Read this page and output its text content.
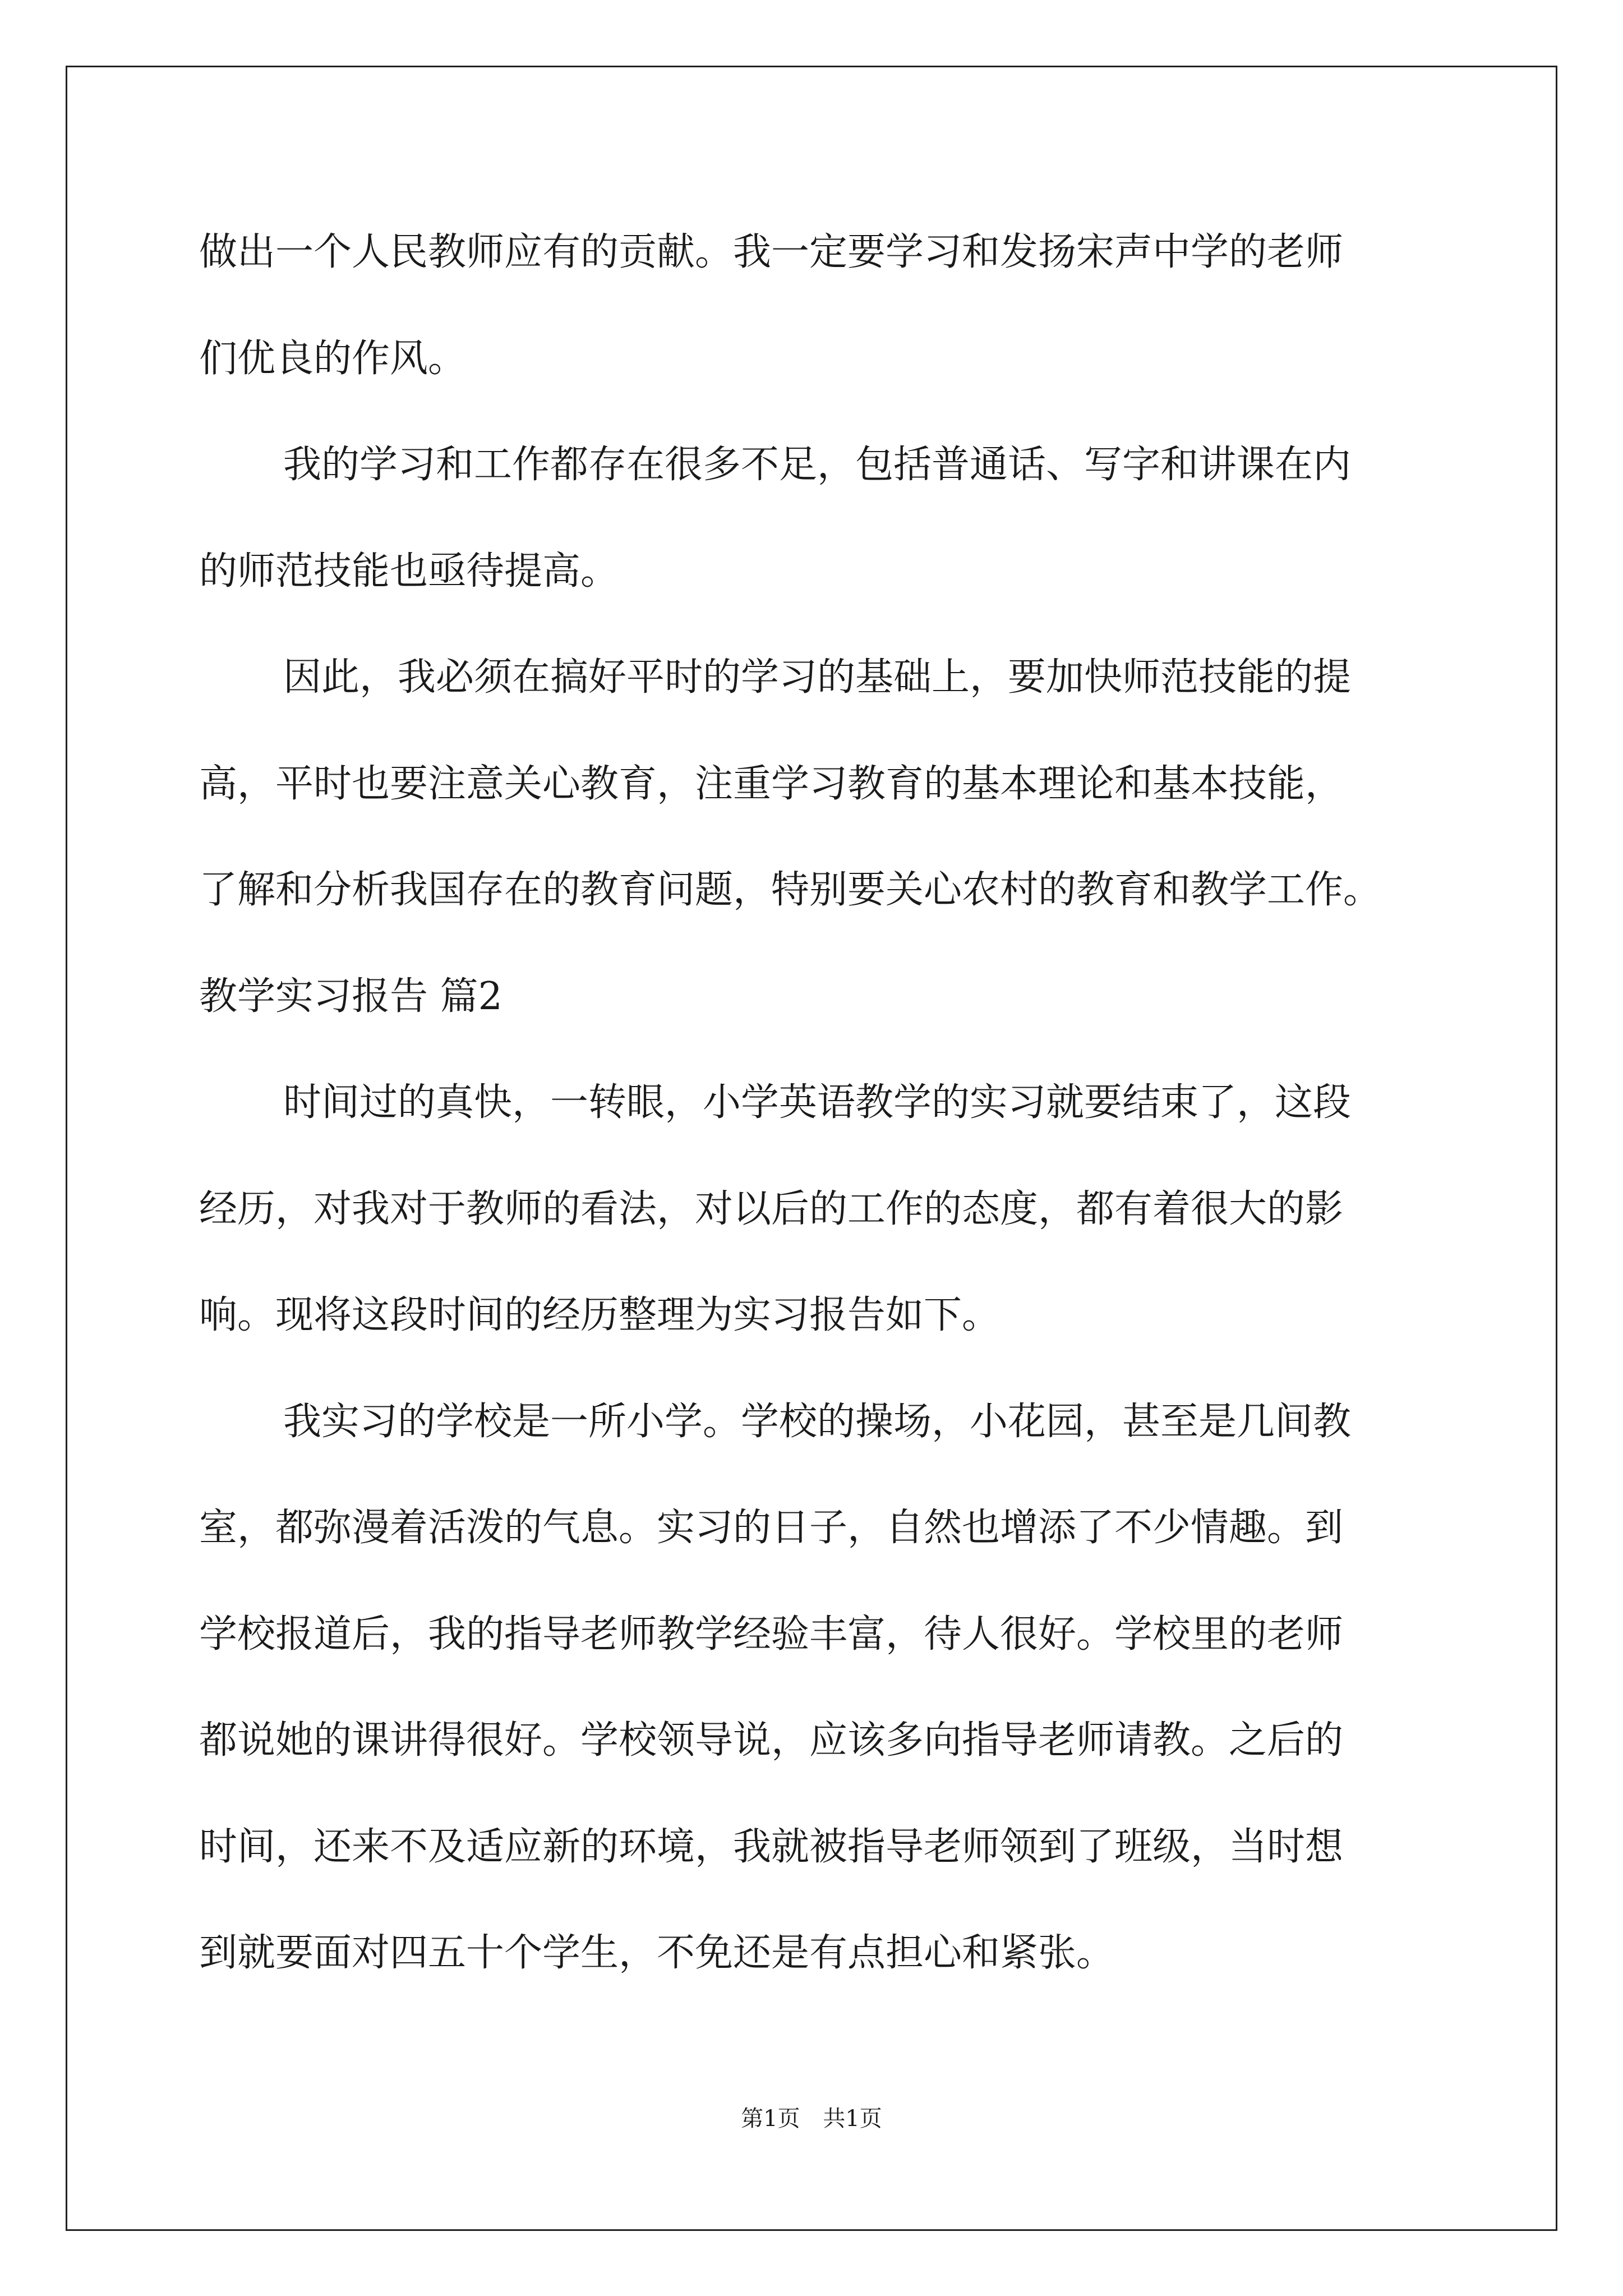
做出一个人民教师应有的贡献。我一定要学习和发扬宋声中学的老师
们优良的作风。
我的学习和工作都存在很多不足，包括普通话、写字和讲课在内
的师范技能也亟待提高。
因此，我必须在搞好平时的学习的基础上，要加快师范技能的提
高，平时也要注意关心教育，注重学习教育的基本理论和基本技能，
了解和分析我国存在的教育问题，特别要关心农村的教育和教学工作。
教学实习报告 篇2
时间过的真快，一转眼，小学英语教学的实习就要结束了，这段
经历，对我对于教师的看法，对以后的工作的态度，都有着很大的影
响。现将这段时间的经历整理为实习报告如下。
我实习的学校是一所小学。学校的操场，小花园，甚至是几间教
室，都弥漫着活泼的气息。实习的日子，自然也增添了不少情趣。到
学校报道后，我的指导老师教学经验丰富，待人很好。学校里的老师
都说她的课讲得很好。学校领导说，应该多向指导老师请教。之后的
时间，还来不及适应新的环境，我就被指导老师领到了班级，当时想
到就要面对四五十个学生，不免还是有点担心和紧张。
第1页 共1页
